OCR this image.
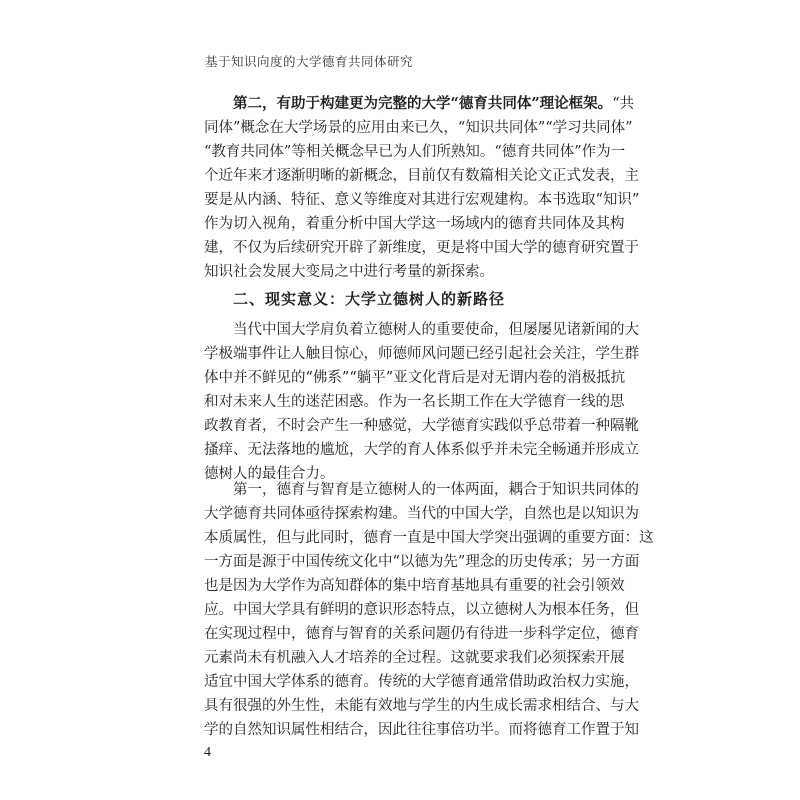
基于知识向度的大学德育共同体研究
第二，有助于构建更为完整的大学“德育共同体”理论框架。“共
同体”概念在大学场景的应用由来已久，“知识共同体”“学习共同体”
“教育共同体”等相关概念早已为人们所熟知。“德育共同体”作为一
个近年来才逐渐明晰的新概念，目前仅有数篇相关论文正式发表，主
要是从内涵、特征、意义等维度对其进行宏观建构。本书选取“知识”
作为切入视角，着重分析中国大学这一场域内的德育共同体及其构
建，不仅为后续研究开辟了新维度，更是将中国大学的德育研究置于
知识社会发展大变局之中进行考量的新探索。
二、现实意义：大学立德树人的新路径
当代中国大学肩负着立德树人的重要使命，但屡屡见诸新闻的大
学极端事件让人触目惊心，师德师风问题已经引起社会关注，学生群
体中并不鲜见的“佛系”“躺平”亚文化背后是对无谓内卷的消极抵抗
和对未来人生的迷茫困惑。作为一名长期工作在大学德育一线的思
政教育者，不时会产生一种感觉，大学德育实践似乎总带着一种隔靴
搔痒、无法落地的尴尬，大学的育人体系似乎并未完全畅通并形成立
德树人的最佳合力。
第一，德育与智育是立德树人的一体两面，耦合于知识共同体的
大学德育共同体亟待探索构建。当代的中国大学，自然也是以知识为
本质属性，但与此同时，德育一直是中国大学突出强调的重要方面：这
一方面是源于中国传统文化中“以德为先”理念的历史传承；另一方面
也是因为大学作为高知群体的集中培育基地具有重要的社会引领效
应。中国大学具有鲜明的意识形态特点，以立德树人为根本任务，但
在实现过程中，德育与智育的关系问题仍有待进一步科学定位，德育
元素尚未有机融入人才培养的全过程。这就要求我们必须探索开展
适宜中国大学体系的德育。传统的大学德育通常借助政治权力实施，
具有很强的外生性，未能有效地与学生的内生成长需求相结合、与大
学的自然知识属性相结合，因此往往事倍功半。而将德育工作置于知
4
